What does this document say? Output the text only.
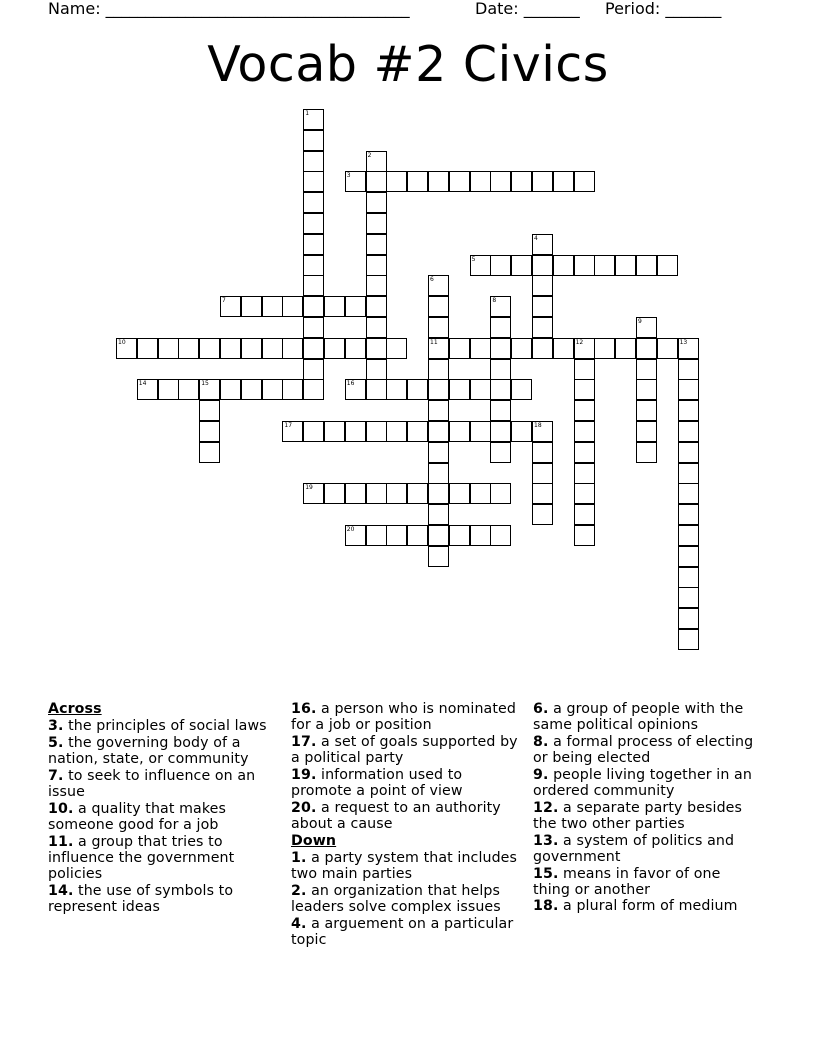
Name: ______________________________________	Date: _______ Period: _______
Vocab #2 Civics
1
2
3
4
5
6
11
7	8
9
10	12	13
14	15	16
17	18
19
20
Across
3. the principles of social laws
5. the governing body of a nation, state, or community
7. to seek to influence on an issue
10. a quality that makes someone good for a job
11. a group that tries to influence the government policies
14. the use of symbols to represent ideas
16. a person who is nominated for a job or position
17. a set of goals supported by a political party
19. information used to promote a point of view
20. a request to an authority about a cause
Down
1. a party system that includes two main parties
2. an organization that helps leaders solve complex issues
4. a arguement on a particular topic
6. a group of people with the same political opinions
8. a formal process of electing or being elected
9. people living together in an ordered community
12. a separate party besides the two other parties
13. a system of politics and government
15. means in favor of one thing or another
18. a plural form of medium
